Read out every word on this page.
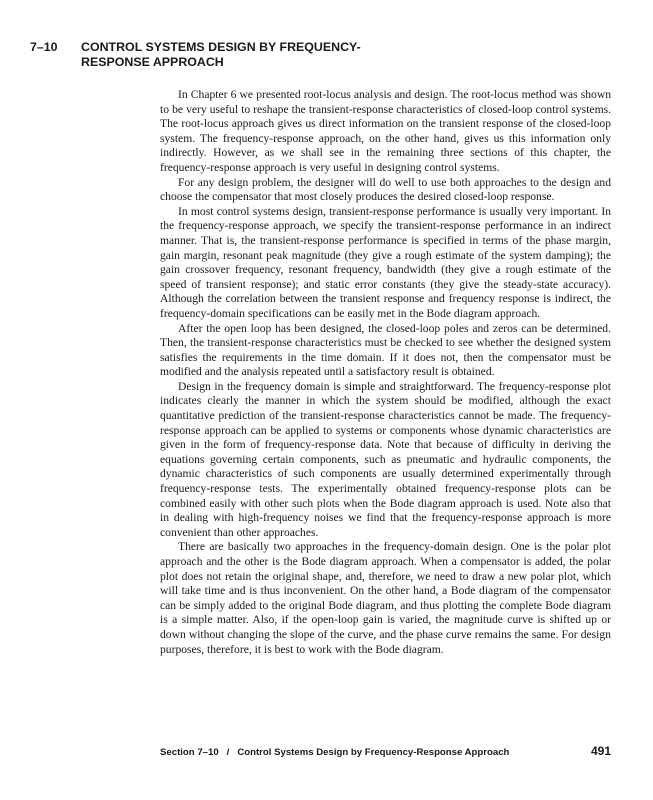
7–10	CONTROL SYSTEMS DESIGN BY FREQUENCY-RESPONSE APPROACH

In Chapter 6 we presented root-locus analysis and design. The root-locus method was shown to be very useful to reshape the transient-response characteristics of closed-loop control systems. The root-locus approach gives us direct information on the transient response of the closed-loop system. The frequency-response approach, on the other hand, gives us this information only indirectly. However, as we shall see in the remaining three sections of this chapter, the frequency-response approach is very useful in designing control systems.

For any design problem, the designer will do well to use both approaches to the design and choose the compensator that most closely produces the desired closed-loop response.

In most control systems design, transient-response performance is usually very important. In the frequency-response approach, we specify the transient-response performance in an indirect manner. That is, the transient-response performance is specified in terms of the phase margin, gain margin, resonant peak magnitude (they give a rough estimate of the system damping); the gain crossover frequency, resonant frequency, bandwidth (they give a rough estimate of the speed of transient response); and static error constants (they give the steady-state accuracy). Although the correlation between the transient response and frequency response is indirect, the frequency-domain specifications can be easily met in the Bode diagram approach.

After the open loop has been designed, the closed-loop poles and zeros can be determined. Then, the transient-response characteristics must be checked to see whether the designed system satisfies the requirements in the time domain. If it does not, then the compensator must be modified and the analysis repeated until a satisfactory result is obtained.

Design in the frequency domain is simple and straightforward. The frequency-response plot indicates clearly the manner in which the system should be modified, although the exact quantitative prediction of the transient-response characteristics cannot be made. The frequency-response approach can be applied to systems or components whose dynamic characteristics are given in the form of frequency-response data. Note that because of difficulty in deriving the equations governing certain components, such as pneumatic and hydraulic components, the dynamic characteristics of such components are usually determined experimentally through frequency-response tests. The experimentally obtained frequency-response plots can be combined easily with other such plots when the Bode diagram approach is used. Note also that in dealing with high-frequency noises we find that the frequency-response approach is more convenient than other approaches.

There are basically two approaches in the frequency-domain design. One is the polar plot approach and the other is the Bode diagram approach. When a compensator is added, the polar plot does not retain the original shape, and, therefore, we need to draw a new polar plot, which will take time and is thus inconvenient. On the other hand, a Bode diagram of the compensator can be simply added to the original Bode diagram, and thus plotting the complete Bode diagram is a simple matter. Also, if the open-loop gain is varied, the magnitude curve is shifted up or down without changing the slope of the curve, and the phase curve remains the same. For design purposes, therefore, it is best to work with the Bode diagram.

Section 7–10 / Control Systems Design by Frequency-Response Approach	491
